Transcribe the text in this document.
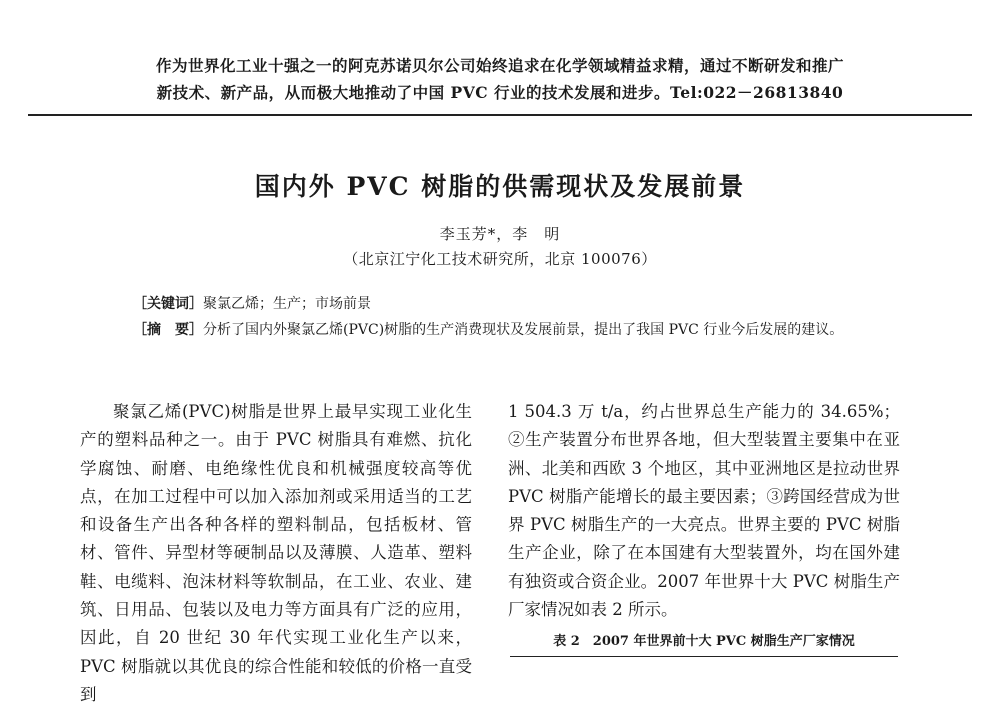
作为世界化工业十强之一的阿克苏诺贝尔公司始终追求在化学领域精益求精，通过不断研发和推广
新技术、新产品，从而极大地推动了中国 PVC 行业的技术发展和进步。Tel:022－26813840
国内外 PVC 树脂的供需现状及发展前景
李玉芳*，李　明
（北京江宁化工技术研究所，北京 100076）
［关键词］聚氯乙烯；生产；市场前景
［摘　要］分析了国内外聚氯乙烯(PVC)树脂的生产消费现状及发展前景，提出了我国 PVC 行业今后发展的建议。
聚氯乙烯(PVC)树脂是世界上最早实现工业化生产的塑料品种之一。由于 PVC 树脂具有难燃、抗化学腐蚀、耐磨、电绝缘性优良和机械强度较高等优点，在加工过程中可以加入添加剂或采用适当的工艺和设备生产出各种各样的塑料制品，包括板材、管材、管件、异型材等硬制品以及薄膜、人造革、塑料鞋、电缆料、泡沫材料等软制品，在工业、农业、建筑、日用品、包装以及电力等方面具有广泛的应用，因此，自 20 世纪 30 年代实现工业化生产以来，PVC 树脂就以其优良的综合性能和较低的价格一直受到
1 504.3 万 t/a，约占世界总生产能力的 34.65%；②生产装置分布世界各地，但大型装置主要集中在亚洲、北美和西欧 3 个地区，其中亚洲地区是拉动世界 PVC 树脂产能增长的最主要因素；③跨国经营成为世界 PVC 树脂生产的一大亮点。世界主要的 PVC 树脂生产企业，除了在本国建有大型装置外，均在国外建有独资或合资企业。2007 年世界十大 PVC 树脂生产厂家情况如表 2 所示。
表 2　2007 年世界前十大 PVC 树脂生产厂家情况
